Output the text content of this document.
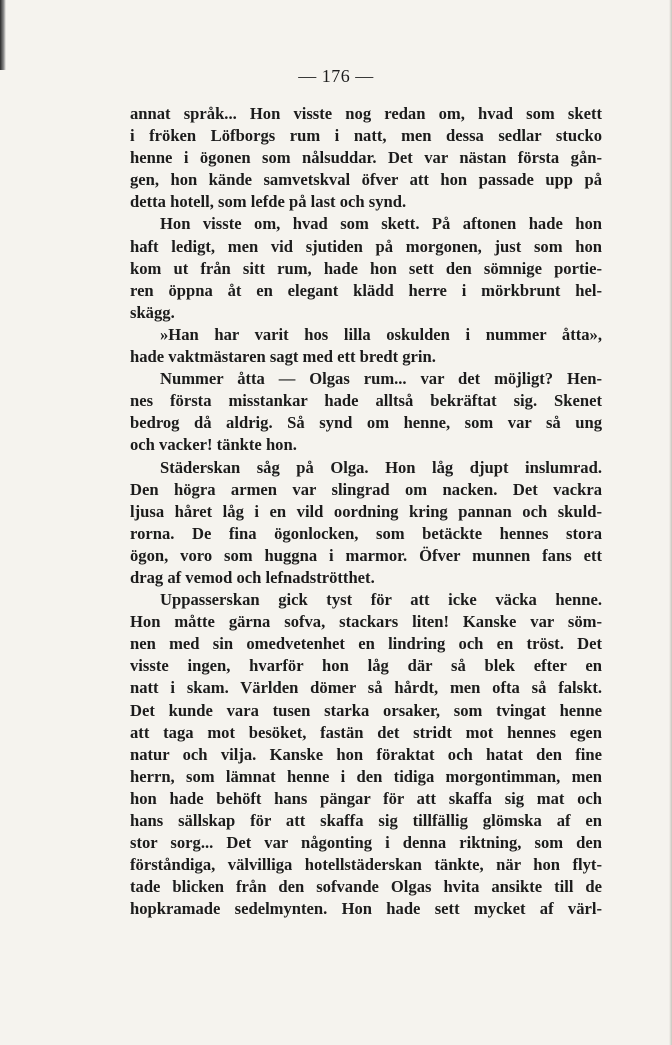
— 176 —
annat språk... Hon visste nog redan om, hvad som skett
i fröken Löfborgs rum i natt, men dessa sedlar stucko
henne i ögonen som nålsuddar. Det var nästan första gån-
gen, hon kände samvetskval öfver att hon passade upp på
detta hotell, som lefde på last och synd.
Hon visste om, hvad som skett. På aftonen hade hon
haft ledigt, men vid sjutiden på morgonen, just som hon
kom ut från sitt rum, hade hon sett den sömnige portie-
ren öppna åt en elegant klädd herre i mörkbrunt hel-
skägg.
»Han har varit hos lilla oskulden i nummer åtta»,
hade vaktmästaren sagt med ett bredt grin.
Nummer åtta — Olgas rum... var det möjligt? Hen-
nes första misstankar hade alltså bekräftat sig. Skenet
bedrog då aldrig. Så synd om henne, som var så ung
och vacker! tänkte hon.
Städerskan såg på Olga. Hon låg djupt inslumrad.
Den högra armen var slingrad om nacken. Det vackra
ljusa håret låg i en vild oordning kring pannan och skuld-
rorna. De fina ögonlocken, som betäckte hennes stora
ögon, voro som huggna i marmor. Öfver munnen fans ett
drag af vemod och lefnadströtthet.
Uppasserskan gick tyst för att icke väcka henne.
Hon måtte gärna sofva, stackars liten! Kanske var söm-
nen med sin omedvetenhet en lindring och en tröst. Det
visste ingen, hvarför hon låg där så blek efter en
natt i skam. Världen dömer så hårdt, men ofta så falskt.
Det kunde vara tusen starka orsaker, som tvingat henne
att taga mot besöket, fastän det stridt mot hennes egen
natur och vilja. Kanske hon föraktat och hatat den fine
herrn, som lämnat henne i den tidiga morgontimman, men
hon hade behöft hans pängar för att skaffa sig mat och
hans sällskap för att skaffa sig tillfällig glömska af en
stor sorg... Det var någonting i denna riktning, som den
förståndiga, välvilliga hotellstäderskan tänkte, när hon flyt-
tade blicken från den sofvande Olgas hvita ansikte till de
hopkramade sedelmynten. Hon hade sett mycket af värl-
